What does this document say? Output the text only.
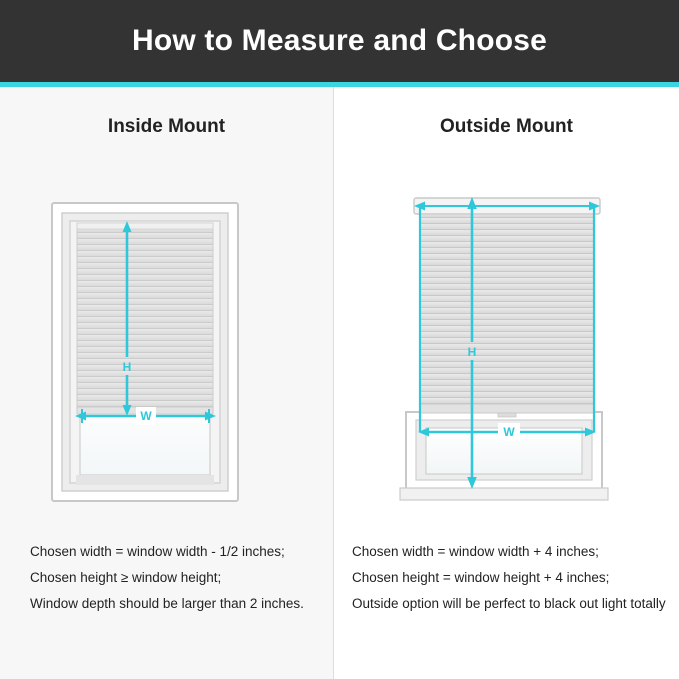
How to Measure and Choose
Inside Mount
H
W
Chosen width = window width - 1/2 inches;
Chosen height ≥ window height;
Window depth should be larger than 2 inches.
Outside Mount
H
W
Chosen width = window width + 4 inches;
Chosen height = window height + 4 inches;
Outside option will be perfect to black out light totally
